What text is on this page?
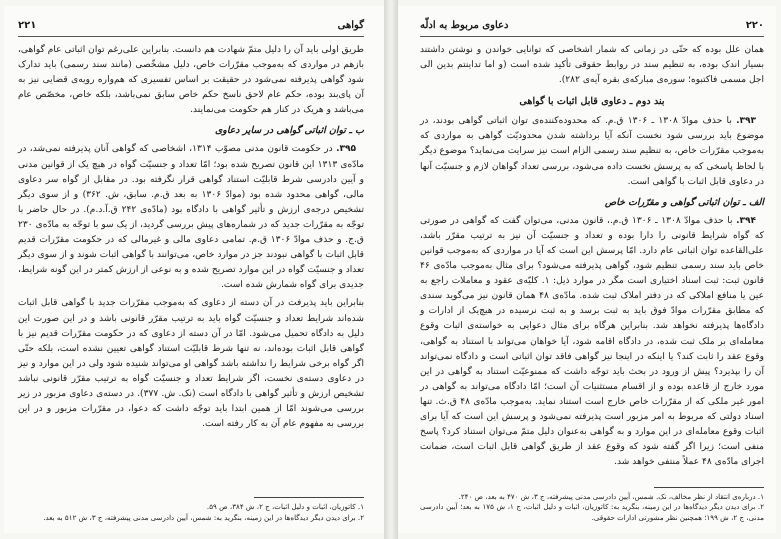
گواهی
۲۲۱

طریق اولی باید آن را دلیل متمّ شهادت هم دانست. بنابراین علی‌رغم توان اثباتی عام گواهی، بازهم در مواردی که به‌موجب مقرّرات خاص، دلیل مشخّصی (مانند سند رسمی) باید تدارک شود گواهی پذیرفته نمی‌شود در حقیقت بر اساس تفسیری که هم‌واره رویه‌ی قضایی نیز به آن پای‌بند بوده، حکم عام لاحق ناسخ حکم خاص سابق نمی‌باشد، بلکه خاص، مخصّص عام می‌باشد و هریک در کنار هم حکومت می‌نمایند.

ب ـ توان اثباتی گواهی در سایر دعاوی

۳۹۵. در حکومت قانون مدنی مصوّب ۱۳۱۴، اشخاصی که گواهی آنان پذیرفته نمی‌شد، در مادّه‌ی ۱۳۱۳ این قانون تصریح شده بود؛ امّا تعداد و جنسیّت گواه در هیچ یک از قوانین مدنی و آیین دادرسی شرط قابلیّت استناد گواهی قرار نگرفته بود. در مقابل از گواه سر دعاوی مالی، گواهی محدود شده بود (موادّ ۱۳۰۶ به بعد ق.م. سابق، ش. ۳۶۲) و از سوی دیگر تشخیص درجه‌ی ارزش و تأثیر گواهی با دادگاه بود (مادّه‌ی ۲۴۲ ق.آ.د.م). در حال حاضر با توجّه به مقرّرات جدید که در شماره‌های پیش بررسی گردید، از یک سو با توجّه به مادّه‌ی ۲۳۰ ق.ج. و حذف موادّ ۱۳۰۶ ق.م. تمامی دعاوی مالی و غیرمالی که در حکومت مقرّرات قدیم قابل اثبات با گواهی نبودند جز در موارد خاص، می‌توانند با گواهی اثبات شوند و از سوی دیگر تعداد و جنسیّت گواه در این موارد تصریح شده و به نوعی از ارزش کمتر در این گونه شرایط، جدیدی برای گواه شمارش شده است.

بنابراین باید پذیرفت در آن دسته از دعاوی که به‌موجب مقرّرات جدید با گواهی قابل اثبات شده‌اند شرایط تعداد و جنسیّت گواه باید به ترتیب مقرّر قانونی باشد و در این صورت این دلیل به دادگاه تحمیل می‌شود. امّا در آن دسته از دعاوی که در حکومت مقرّرات قدیم نیز با گواهی قابل اثبات بوده‌اند، نه تنها شرط قابلیّت استناد گواهی تعیین نشده است، بلکه حتّی اگر گواه برخی شرایط را نداشته باشد گواهی او می‌تواند شنیده شود ولی در این موارد و نیز در دعاوی دسته‌ی نخست، اگر شرایط تعداد و جنسیّت گواه به ترتیب مقرّر قانونی نباشد تشخیص ارزش و تأثیر گواهی با دادگاه است (نک. ش. ۳۷۷). در دسته‌ی دعاوی مزبور در زیر بررسی می‌شوند امّا از همین ابتدا باید توجّه داشت که دعوا، در مقرّرات مزبور و در این بررسی به مفهوم عام آن به کار رفته است.

۱. کاتوزیان، اثبات و دلیل اثبات، ج ۲، ش ۳۸۴، ص ۵۹.

۲. برای دیدن دیگر دیدگاه‌ها در این زمینه، بنگرید به: شمس، آیین دادرسی مدنی پیشرفته، ج ۳، ش ۵۱۲ به بعد.

۲۲۰
دعاوی مربوط به ادلّه

همان علل بوده که حتّی در زمانی که شمار اشخاصی که توانایی خواندن و نوشتن داشتند بسیار اندک بوده، به تنظیم سند در روابط حقوقی تأکید شده است (و اما تداینتم بدین الی اجل مسمی فاکتبوه؛ سوره‌ی مبارکه‌ی بقره آیه‌ی ۲۸۲).

بند دوم ـ دعاوی قابل اثبات با گواهی

۳۹۳. با حذف موادّ ۱۳۰۸ ـ ۱۳۰۶ ق.م. که محدوده‌کننده‌ی توان اثباتی گواهی بودند، در موضوع باید بررسی شود نخست آنکه آیا برداشته شدن محدودیّت گواهی به مواردی که به‌موجب مقرّرات خاص، به تنظیم سند رسمی الزام است نیز سرایت می‌نماید؟ موضوع دیگر با لحاظ پاسخی که به پرسش نخست داده می‌شود، بررسی تعداد گواهان لازم و جنسیّت آنها در دعاوی قابل اثبات با گواهی است.

الف ـ توان اثباتی گواهی و مقرّرات خاص

۳۹۴. با حذف موادّ ۱۳۰۸ ـ ۱۳۰۶ ق.م.، قانون مدنی، می‌توان گفت که گواهی در صورتی که گواه شرایط قانونی را دارا بوده و تعداد و جنسیّت آن نیز به ترتیب مقرّر باشد، علی‌القاعده توان اثباتی عام دارد. امّا پرسش این است که آیا در مواردی که به‌موجب قوانین خاص باید سند رسمی تنظیم شود، گواهی پذیرفته می‌شود؟ برای مثال به‌موجب مادّه‌ی ۴۶ قانون ثبت: ثبت اسناد اختیاری است مگر در موارد ذیل: ۱. کلیّه‌ی عقود و معاملات راجع به عین یا منافع املاکی که در دفتر املاک ثبت شده. مادّه‌ی ۴۸ همان قانون نیز می‌گوید سندی که مطابق مقرّرات موادّ فوق باید به ثبت برسد و به ثبت نرسیده در هیچ‌یک از ادارات و دادگاه‌ها پذیرفته نخواهد شد. بنابراین هرگاه برای مثال دعوایی به خواسته‌ی اثبات وقوع معامله‌ای بر ملک ثبت شده، در دادگاه اقامه شود، آیا خواهان می‌تواند با استناد به گواهی، وقوع عقد را ثابت کند؟ یا اینکه در اینجا نیز گواهی فاقد توان اثباتی است و دادگاه نمی‌تواند آن را بپذیرد؟ پیش از ورود در بحث باید توجّه داشت که ممنوعیّت استناد به گواهی در این مورد خارج از قاعده بوده و از اقسام مستثنیات آن است؛ امّا دادگاه می‌تواند به گواهی در امور غیر ملکی که از مقرّرات خاص خارج است استناد نماید. به‌موجب مادّه‌ی ۴۸ ق.ث. تنها اسناد دولتی که مربوط به امر مزبور است پذیرفته نمی‌شود و پرسش این است که آیا برای اثبات وقوع معامله‌ای در این موارد و به گواهی به‌عنوان دلیل متمّ می‌توان استناد کرد؟ پاسخ منفی است؛ زیرا اگر گفته شود که وقوع عقد از طریق گواهی قابل اثبات است، ضمانت اجرای مادّه‌ی ۴۸ عملاً منتفی خواهد شد.

۱. درباره‌ی انتقاد از نظر مخالف، نک. شمس، آیین دادرسی مدنی پیشرفته، ج ۳، ش ۴۷۰ به بعد، ص ۲۴۰.

۲. برای دیدن دیگر دیدگاه‌ها در این زمینه، بنگرید به: کاتوزیان، اثبات و دلیل اثبات، ج ۱، ش ۱۷۵ به بعد؛ آیین دادرسی مدنی، ج ۲، ش ۱۹۹؛ همچنین نظر مشورتی ادارات حقوقی.
